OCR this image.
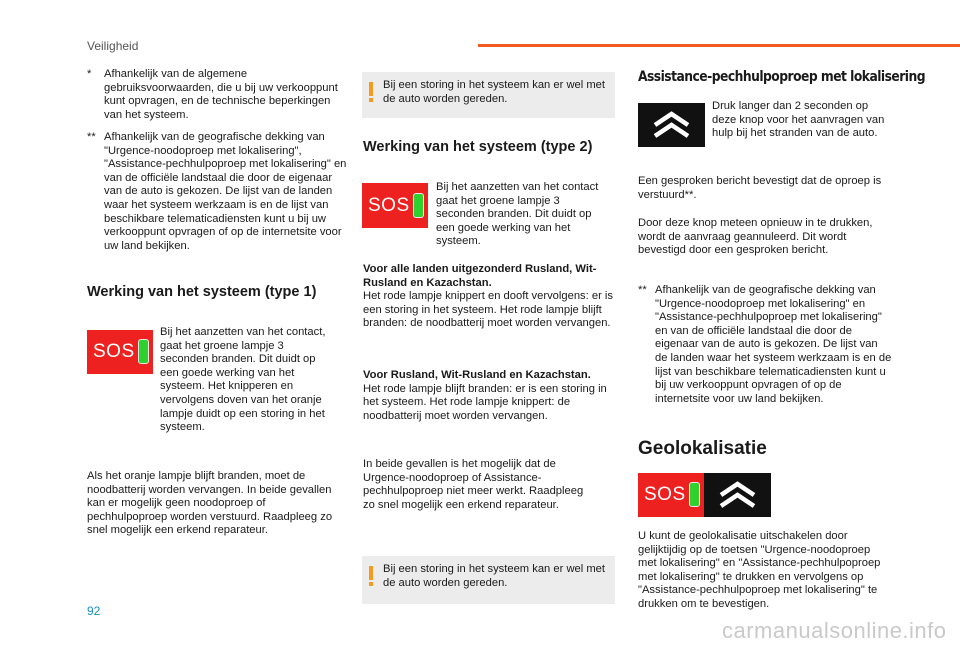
Veiligheid
* Afhankelijk van de algemene gebruiksvoorwaarden, die u bij uw verkooppunt kunt opvragen, en de technische beperkingen van het systeem.
** Afhankelijk van de geografische dekking van "Urgence-noodoproep met lokalisering", "Assistance-pechhulpoproep met lokalisering" en van de officiële landstaal die door de eigenaar van de auto is gekozen. De lijst van de landen waar het systeem werkzaam is en de lijst van beschikbare telematicadiensten kunt u bij uw verkooppunt opvragen of op de internetsite voor uw land bekijken.
Werking van het systeem (type 1)
SOS
Bij het aanzetten van het contact, gaat het groene lampje 3 seconden branden. Dit duidt op een goede werking van het systeem. Het knipperen en vervolgens doven van het oranje lampje duidt op een storing in het systeem.
Als het oranje lampje blijft branden, moet de noodbatterij worden vervangen. In beide gevallen kan er mogelijk geen noodoproep of pechhulpoproep worden verstuurd. Raadpleeg zo snel mogelijk een erkend reparateur.
Bij een storing in het systeem kan er wel met de auto worden gereden.
Werking van het systeem (type 2)
SOS
Bij het aanzetten van het contact gaat het groene lampje 3 seconden branden. Dit duidt op een goede werking van het systeem.
Voor alle landen uitgezonderd Rusland, Wit-Rusland en Kazachstan.
Het rode lampje knippert en dooft vervolgens: er is een storing in het systeem. Het rode lampje blijft branden: de noodbatterij moet worden vervangen.
Voor Rusland, Wit-Rusland en Kazachstan.
Het rode lampje blijft branden: er is een storing in het systeem. Het rode lampje knippert: de noodbatterij moet worden vervangen.
In beide gevallen is het mogelijk dat de Urgence-noodoproep of Assistance-pechhulpoproep niet meer werkt. Raadpleeg zo snel mogelijk een erkend reparateur.
Bij een storing in het systeem kan er wel met de auto worden gereden.
Assistance-pechhulpoproep met lokalisering
Druk langer dan 2 seconden op deze knop voor het aanvragen van hulp bij het stranden van de auto.
Een gesproken bericht bevestigt dat de oproep is verstuurd**.
Door deze knop meteen opnieuw in te drukken, wordt de aanvraag geannuleerd. Dit wordt bevestigd door een gesproken bericht.
** Afhankelijk van de geografische dekking van "Urgence-noodoproep met lokalisering" en "Assistance-pechhulpoproep met lokalisering" en van de officiële landstaal die door de eigenaar van de auto is gekozen. De lijst van de landen waar het systeem werkzaam is en de lijst van beschikbare telematicadiensten kunt u bij uw verkooppunt opvragen of op de internetsite voor uw land bekijken.
Geolokalisatie
SOS
U kunt de geolokalisatie uitschakelen door gelijktijdig op de toetsen "Urgence-noodoproep met lokalisering" en "Assistance-pechhulpoproep met lokalisering" te drukken en vervolgens op "Assistance-pechhulpoproep met lokalisering" te drukken om te bevestigen.
92
carmanualsonline.info
